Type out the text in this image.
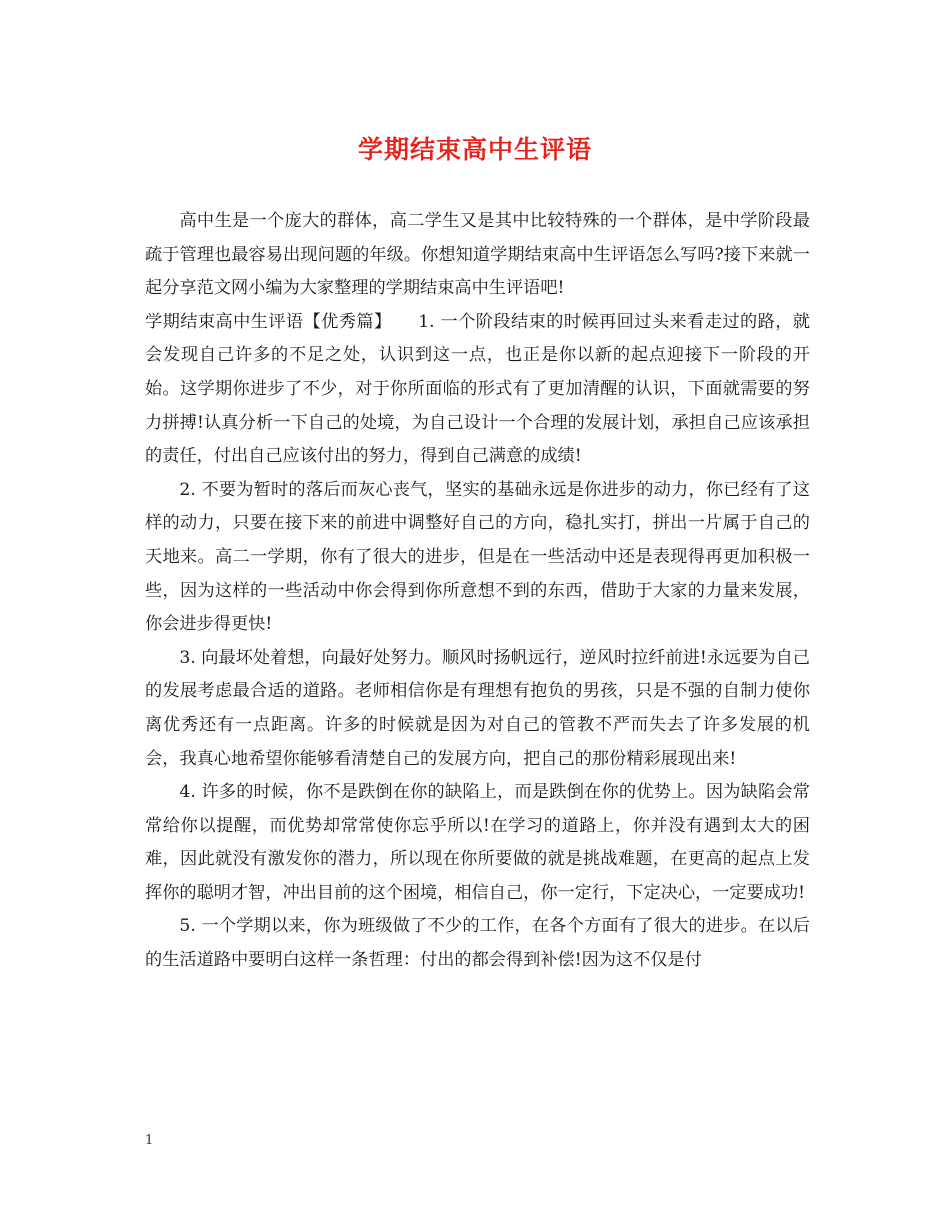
学期结束高中生评语

高中生是一个庞大的群体，高二学生又是其中比较特殊的一个群体，是中学阶段最疏于管理也最容易出现问题的年级。你想知道学期结束高中生评语怎么写吗?接下来就一起分享范文网小编为大家整理的学期结束高中生评语吧!

学期结束高中生评语【优秀篇】　　1. 一个阶段结束的时候再回过头来看走过的路，就会发现自己许多的不足之处，认识到这一点，也正是你以新的起点迎接下一阶段的开始。这学期你进步了不少，对于你所面临的形式有了更加清醒的认识，下面就需要的努力拼搏!认真分析一下自己的处境，为自己设计一个合理的发展计划，承担自己应该承担的责任，付出自己应该付出的努力，得到自己满意的成绩!

2. 不要为暂时的落后而灰心丧气，坚实的基础永远是你进步的动力，你已经有了这样的动力，只要在接下来的前进中调整好自己的方向，稳扎实打，拼出一片属于自己的天地来。高二一学期，你有了很大的进步，但是在一些活动中还是表现得再更加积极一些，因为这样的一些活动中你会得到你所意想不到的东西，借助于大家的力量来发展，你会进步得更快!

3. 向最坏处着想，向最好处努力。顺风时扬帆远行，逆风时拉纤前进!永远要为自己的发展考虑最合适的道路。老师相信你是有理想有抱负的男孩，只是不强的自制力使你离优秀还有一点距离。许多的时候就是因为对自己的管教不严而失去了许多发展的机会，我真心地希望你能够看清楚自己的发展方向，把自己的那份精彩展现出来!

4. 许多的时候，你不是跌倒在你的缺陷上，而是跌倒在你的优势上。因为缺陷会常常给你以提醒，而优势却常常使你忘乎所以!在学习的道路上，你并没有遇到太大的困难，因此就没有激发你的潜力，所以现在你所要做的就是挑战难题，在更高的起点上发挥你的聪明才智，冲出目前的这个困境，相信自己，你一定行，下定决心，一定要成功!

5. 一个学期以来，你为班级做了不少的工作，在各个方面有了很大的进步。在以后的生活道路中要明白这样一条哲理：付出的都会得到补偿!因为这不仅是付

1
